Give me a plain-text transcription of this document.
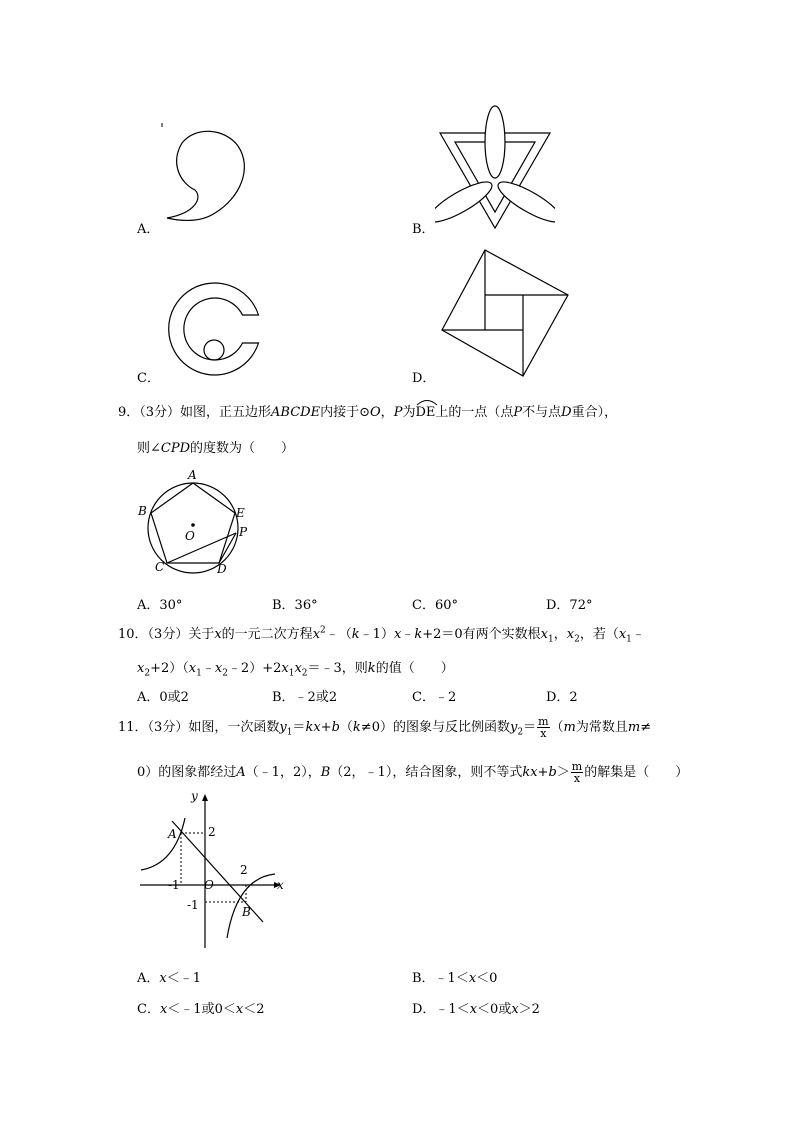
A．	B．
C．	D．
9．（3分）如图，正五边形ABCDE内接于⊙O，P为
DE上的一点（点P不与点D重合），
则∠CPD的度数为（　　）
A
B	E
P
C	D
O
A．30°	B．36°	C．60°	D．72°
10．（3分）关于x的一元二次方程$x^2﹣(k﹣1)x﹣k+2=0$有两个实数根$x_1$，$x_2$，若（$x_1﹣$
$x_2+2)(x_1﹣x_2﹣2)+2x_1x_2=﹣3$，则k的值（　　）
A．0或2	B．﹣2或2	C．﹣2	D．2
11．（3分）如图，一次函数$y_1=kx+b(k\ne 0)$的图象与反比例函数$y_2= \frac{m}{x} (m$为常数且m≠
0）的图象都经过A（﹣1，2），B（2，﹣1），结合图象，则不等式$kx+b> \frac{m}{x}$ 的解集是（　　）
y
x
A
B
O
2
2
-1
-1
A．x＜﹣1	B．﹣1＜x＜0
C．x＜﹣1或0＜x＜2	D．﹣1＜x＜0或x＞2
